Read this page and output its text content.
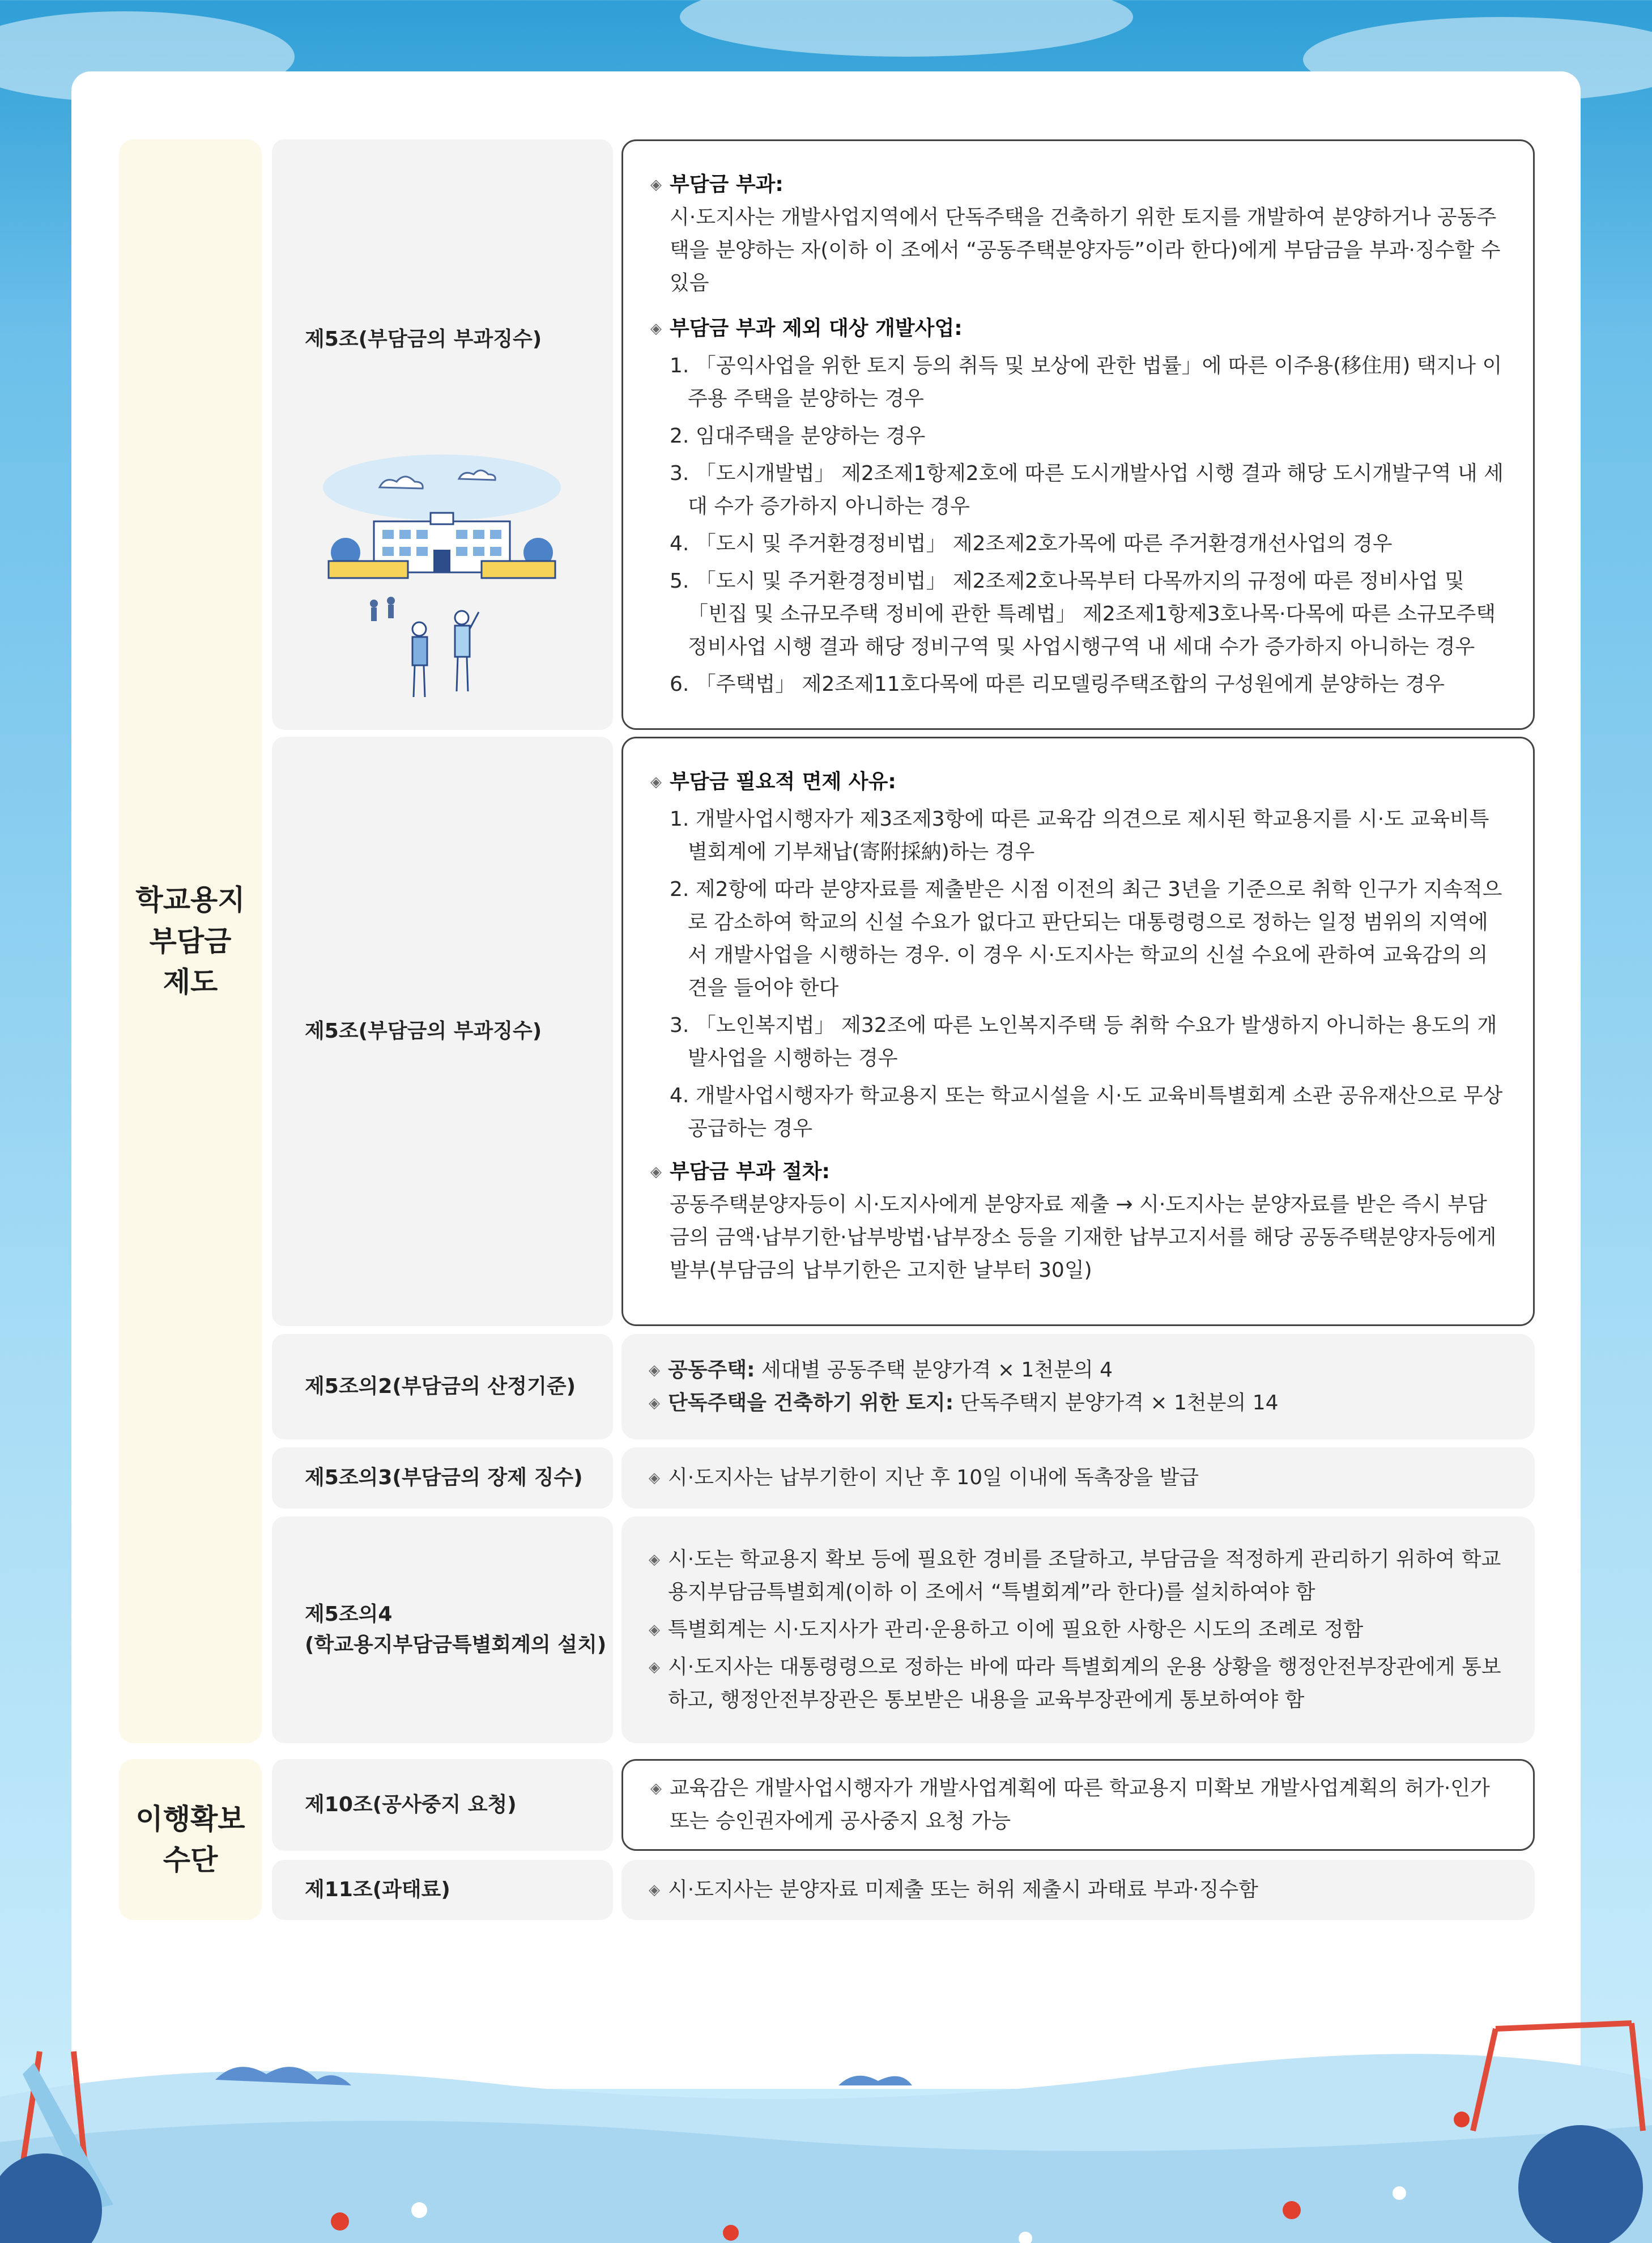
학교용지
부담금
제도
이행확보
수단
제5조(부담금의 부과징수)
◈ 부담금 부과:
시·도지사는 개발사업지역에서 단독주택을 건축하기 위한 토지를 개발하여 분양하거나 공동주택을 분양하는 자(이하 이 조에서 “공동주택분양자등”이라 한다)에게 부담금을 부과·징수할 수 있음
◈ 부담금 부과 제외 대상 개발사업:
1. 「공익사업을 위한 토지 등의 취득 및 보상에 관한 법률」에 따른 이주용(移住用) 택지나 이주용 주택을 분양하는 경우
2. 임대주택을 분양하는 경우
3. 「도시개발법」 제2조제1항제2호에 따른 도시개발사업 시행 결과 해당 도시개발구역 내 세대 수가 증가하지 아니하는 경우
4. 「도시 및 주거환경정비법」 제2조제2호가목에 따른 주거환경개선사업의 경우
5. 「도시 및 주거환경정비법」 제2조제2호나목부터 다목까지의 규정에 따른 정비사업 및 「빈집 및 소규모주택 정비에 관한 특례법」 제2조제1항제3호나목·다목에 따른 소규모주택정비사업 시행 결과 해당 정비구역 및 사업시행구역 내 세대 수가 증가하지 아니하는 경우
6. 「주택법」 제2조제11호다목에 따른 리모델링주택조합의 구성원에게 분양하는 경우
제5조(부담금의 부과징수)
◈ 부담금 필요적 면제 사유:
1. 개발사업시행자가 제3조제3항에 따른 교육감 의견으로 제시된 학교용지를 시·도 교육비특별회계에 기부채납(寄附採納)하는 경우
2. 제2항에 따라 분양자료를 제출받은 시점 이전의 최근 3년을 기준으로 취학 인구가 지속적으로 감소하여 학교의 신설 수요가 없다고 판단되는 대통령령으로 정하는 일정 범위의 지역에서 개발사업을 시행하는 경우. 이 경우 시·도지사는 학교의 신설 수요에 관하여 교육감의 의견을 들어야 한다
3. 「노인복지법」 제32조에 따른 노인복지주택 등 취학 수요가 발생하지 아니하는 용도의 개발사업을 시행하는 경우
4. 개발사업시행자가 학교용지 또는 학교시설을 시·도 교육비특별회계 소관 공유재산으로 무상공급하는 경우
◈ 부담금 부과 절차:
공동주택분양자등이 시·도지사에게 분양자료 제출 → 시·도지사는 분양자료를 받은 즉시 부담금의 금액·납부기한·납부방법·납부장소 등을 기재한 납부고지서를 해당 공동주택분양자등에게 발부(부담금의 납부기한은 고지한 날부터 30일)
제5조의2(부담금의 산정기준)
◈ 공동주택: 세대별 공동주택 분양가격 × 1천분의 4
◈ 단독주택을 건축하기 위한 토지: 단독주택지 분양가격 × 1천분의 14
제5조의3(부담금의 장제 징수)	◈ 시·도지사는 납부기한이 지난 후 10일 이내에 독촉장을 발급
제5조의4
(학교용지부담금특별회계의 설치)
◈ 시·도는 학교용지 확보 등에 필요한 경비를 조달하고, 부담금을 적정하게 관리하기 위하여 학교용지부담금특별회계(이하 이 조에서 “특별회계”라 한다)를 설치하여야 함
◈ 특별회계는 시·도지사가 관리·운용하고 이에 필요한 사항은 시도의 조례로 정함
◈ 시·도지사는 대통령령으로 정하는 바에 따라 특별회계의 운용 상황을 행정안전부장관에게 통보하고, 행정안전부장관은 통보받은 내용을 교육부장관에게 통보하여야 함
제10조(공사중지 요청)
◈ 교육감은 개발사업시행자가 개발사업계획에 따른 학교용지 미확보 개발사업계획의 허가·인가 또는 승인권자에게 공사중지 요청 가능
제11조(과태료)	◈ 시·도지사는 분양자료 미제출 또는 허위 제출시 과태료 부과·징수함
